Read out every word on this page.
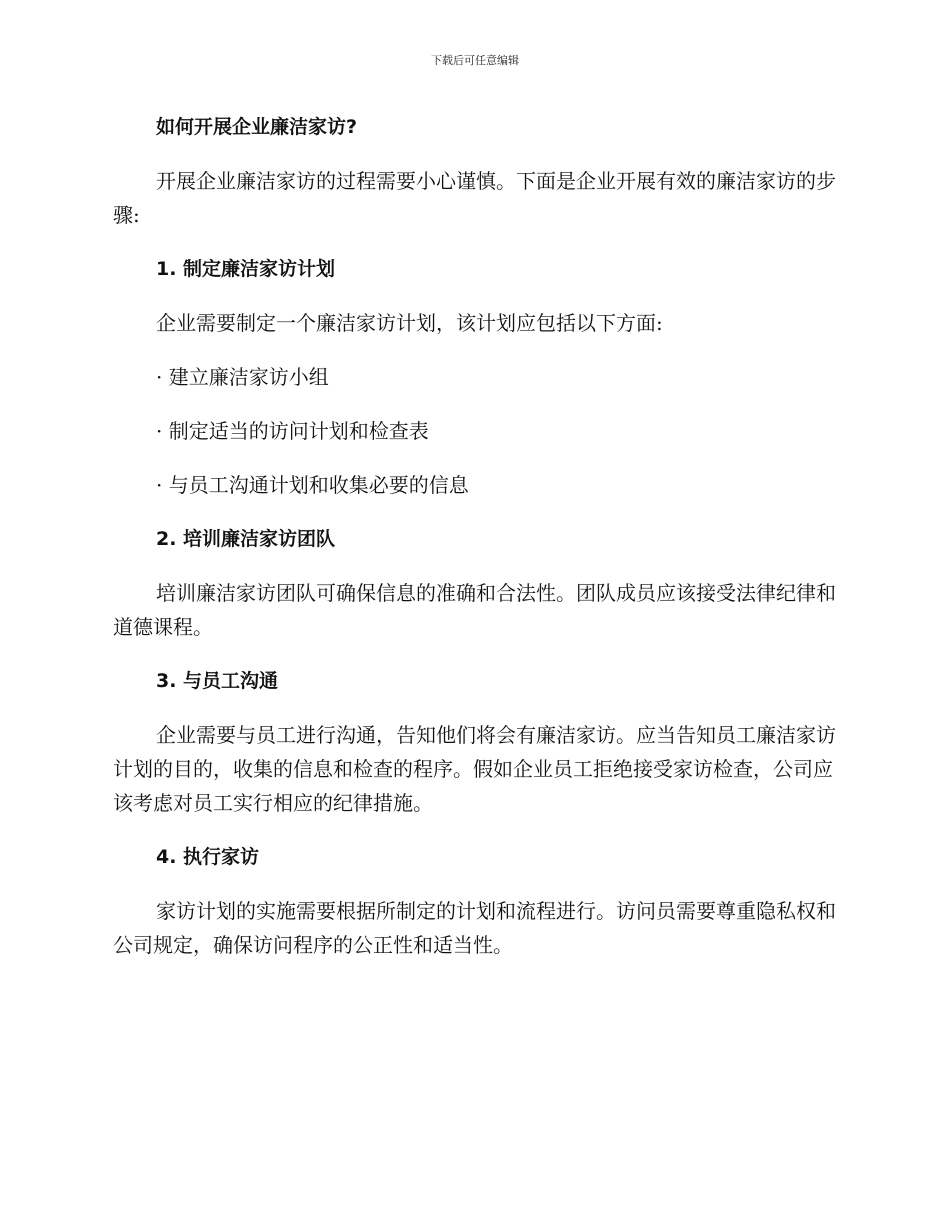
下载后可任意编辑

如何开展企业廉洁家访?

开展企业廉洁家访的过程需要小心谨慎。下面是企业开展有效的廉洁家访的步骤:

1. 制定廉洁家访计划

企业需要制定一个廉洁家访计划，该计划应包括以下方面:

· 建立廉洁家访小组

· 制定适当的访问计划和检查表

· 与员工沟通计划和收集必要的信息

2. 培训廉洁家访团队

培训廉洁家访团队可确保信息的准确和合法性。团队成员应该接受法律纪律和道德课程。

3. 与员工沟通

企业需要与员工进行沟通，告知他们将会有廉洁家访。应当告知员工廉洁家访计划的目的，收集的信息和检查的程序。假如企业员工拒绝接受家访检查，公司应该考虑对员工实行相应的纪律措施。

4. 执行家访

家访计划的实施需要根据所制定的计划和流程进行。访问员需要尊重隐私权和公司规定，确保访问程序的公正性和适当性。
